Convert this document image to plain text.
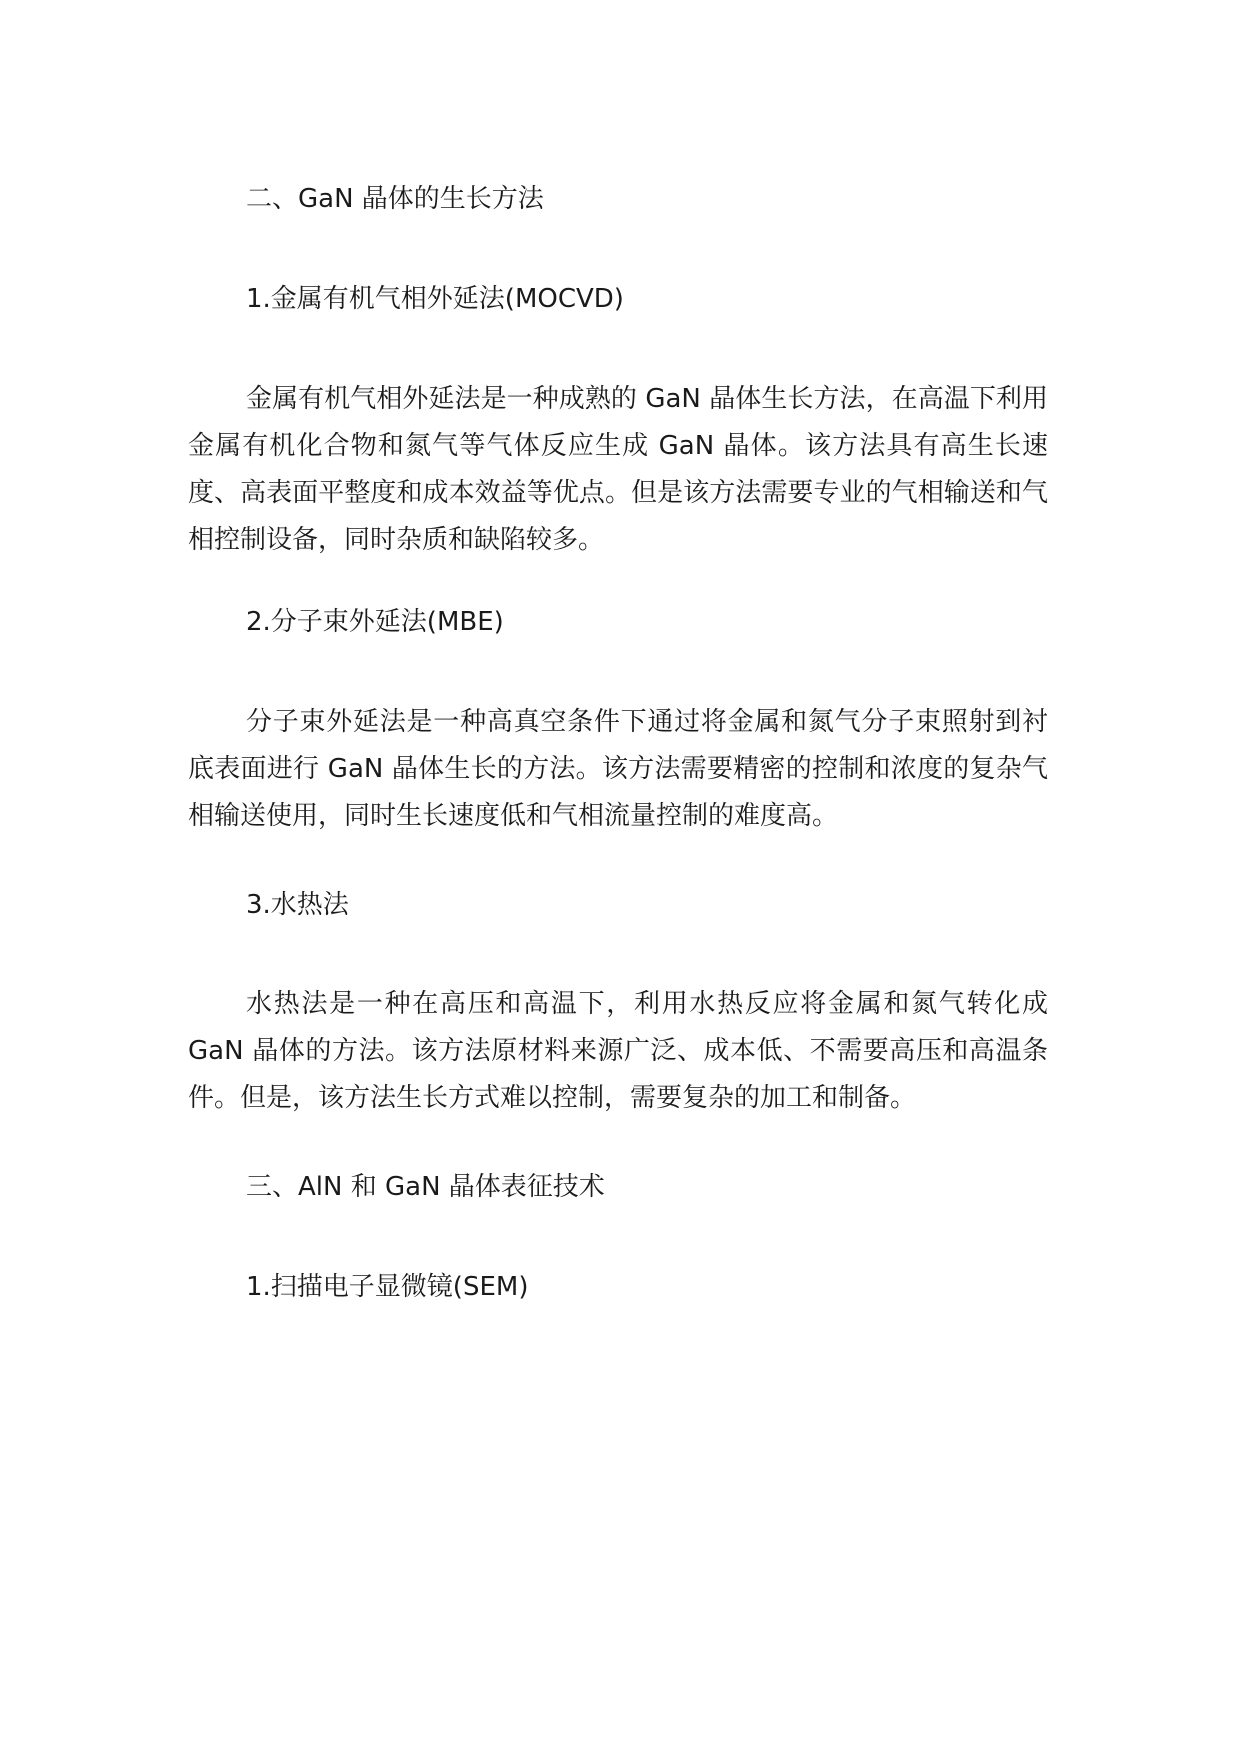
二、GaN 晶体的生长方法

1.金属有机气相外延法(MOCVD)

金属有机气相外延法是一种成熟的 GaN 晶体生长方法，在高温下利用金属有机化合物和氮气等气体反应生成 GaN 晶体。该方法具有高生长速度、高表面平整度和成本效益等优点。但是该方法需要专业的气相输送和气相控制设备，同时杂质和缺陷较多。

2.分子束外延法(MBE)

分子束外延法是一种高真空条件下通过将金属和氮气分子束照射到衬底表面进行 GaN 晶体生长的方法。该方法需要精密的控制和浓度的复杂气相输送使用，同时生长速度低和气相流量控制的难度高。

3.水热法

水热法是一种在高压和高温下，利用水热反应将金属和氮气转化成 GaN 晶体的方法。该方法原材料来源广泛、成本低、不需要高压和高温条件。但是，该方法生长方式难以控制，需要复杂的加工和制备。

三、AlN 和 GaN 晶体表征技术

1.扫描电子显微镜(SEM)
